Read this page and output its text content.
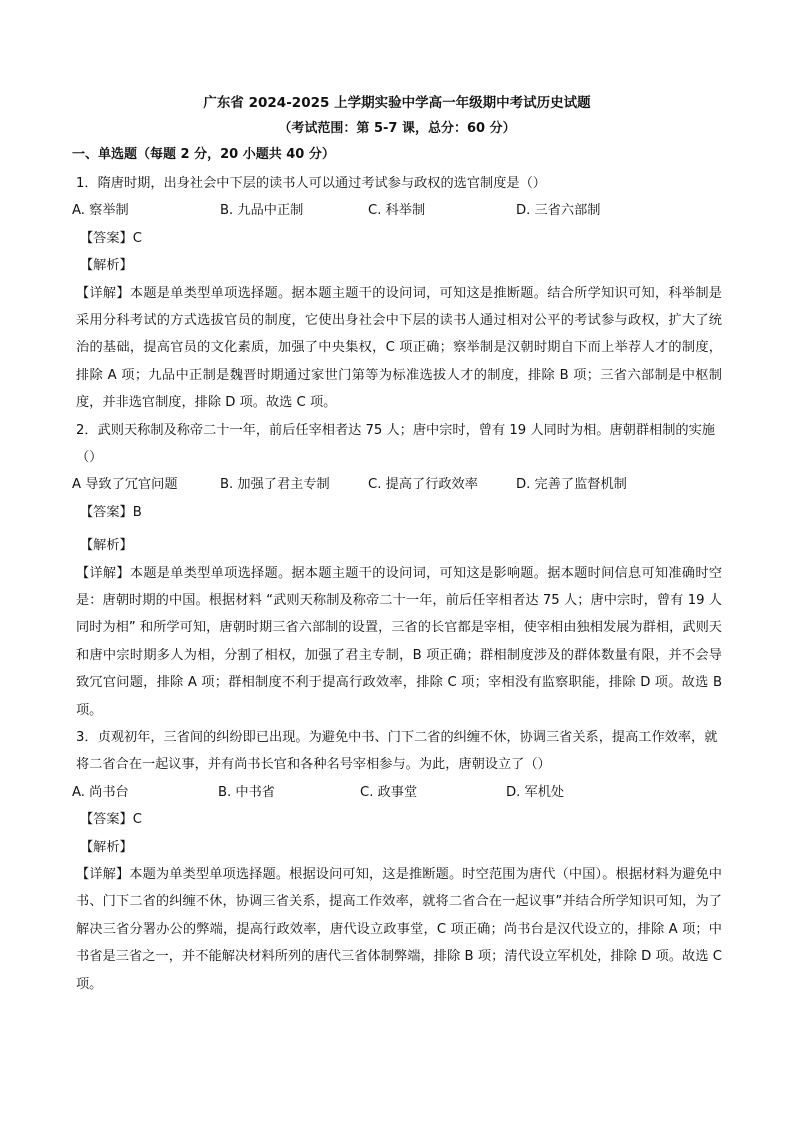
广东省 2024-2025 上学期实验中学高一年级期中考试历史试题
（考试范围：第 5-7 课，总分：60 分）
一、单选题（每题 2 分，20 小题共 40 分）
1．隋唐时期，出身社会中下层的读书人可以通过考试参与政权的选官制度是（）
A. 察举制	B. 九品中正制	C. 科举制	D. 三省六部制
【答案】C
【解析】
【详解】本题是单类型单项选择题。据本题主题干的设问词，可知这是推断题。结合所学知识可知，科举制是采用分科考试的方式选拔官员的制度，它使出身社会中下层的读书人通过相对公平的考试参与政权，扩大了统治的基础，提高官员的文化素质，加强了中央集权，C 项正确；察举制是汉朝时期自下而上举荐人才的制度，排除 A 项；九品中正制是魏晋时期通过家世门第等为标准选拔人才的制度，排除 B 项；三省六部制是中枢制度，并非选官制度，排除 D 项。故选 C 项。
2．武则天称制及称帝二十一年，前后任宰相者达 75 人；唐中宗时，曾有 19 人同时为相。唐朝群相制的实施（）
A 导致了冗官问题	B. 加强了君主专制	C. 提高了行政效率	D. 完善了监督机制
【答案】B
【解析】
【详解】本题是单类型单项选择题。据本题主题干的设问词，可知这是影响题。据本题时间信息可知准确时空是：唐朝时期的中国。根据材料 “武则天称制及称帝二十一年，前后任宰相者达 75 人；唐中宗时，曾有 19 人同时为相” 和所学可知，唐朝时期三省六部制的设置，三省的长官都是宰相，使宰相由独相发展为群相，武则天和唐中宗时期多人为相，分割了相权，加强了君主专制，B 项正确；群相制度涉及的群体数量有限，并不会导致冗官问题，排除 A 项；群相制度不利于提高行政效率，排除 C 项；宰相没有监察职能，排除 D 项。故选 B 项。
3．贞观初年，三省间的纠纷即已出现。为避免中书、门下二省的纠缠不休，协调三省关系，提高工作效率，就将二省合在一起议事，并有尚书长官和各种名号宰相参与。为此，唐朝设立了（）
A. 尚书台	B. 中书省	C. 政事堂	D. 军机处
【答案】C
【解析】
【详解】本题为单类型单项选择题。根据设问可知，这是推断题。时空范围为唐代（中国）。根据材料为避免中书、门下二省的纠缠不休，协调三省关系，提高工作效率，就将二省合在一起议事”并结合所学知识可知，为了解决三省分署办公的弊端，提高行政效率，唐代设立政事堂，C 项正确；尚书台是汉代设立的，排除 A 项；中书省是三省之一，并不能解决材料所列的唐代三省体制弊端，排除 B 项；清代设立军机处，排除 D 项。故选 C 项。
